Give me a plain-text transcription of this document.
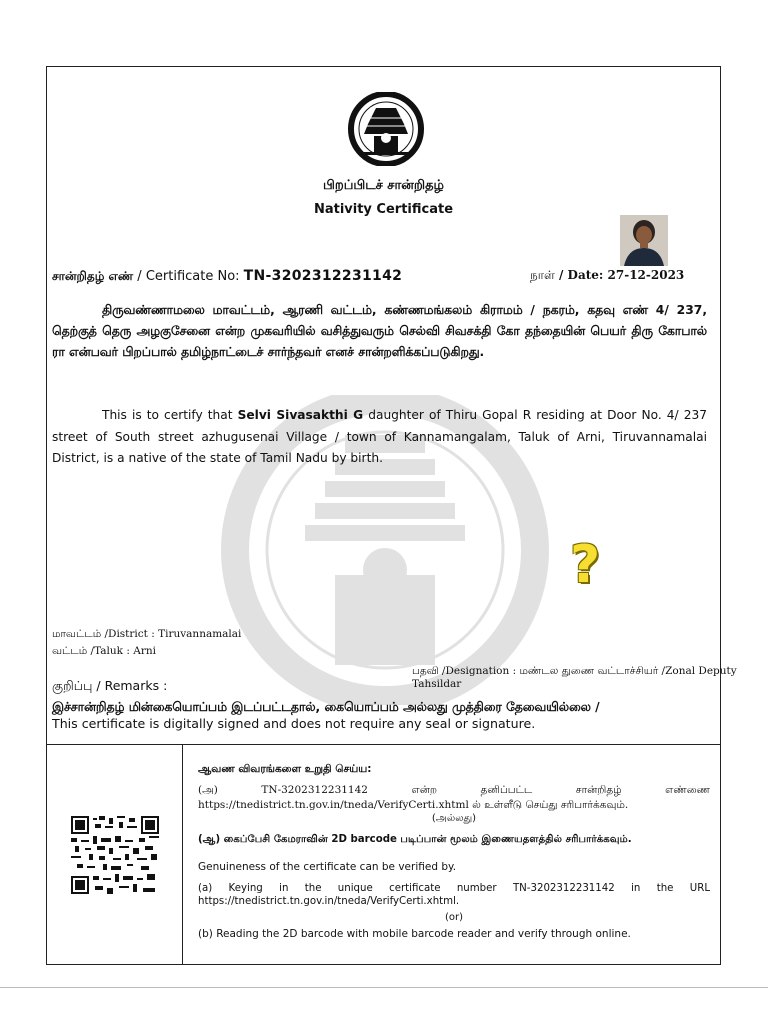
பிறப்பிடச் சான்றிதழ்
Nativity Certificate
சான்றிதழ் எண் / Certificate No: TN-3202312231142	நாள் / Date: 27-12-2023
திருவண்ணாமலை மாவட்டம், ஆரணி வட்டம், கண்ணமங்கலம் கிராமம் / நகரம், கதவு எண் 4/ 237, தெற்குத் தெரு அழகுசேனை என்ற முகவரியில் வசித்துவரும் செல்வி சிவசக்தி கோ தந்தையின் பெயர் திரு கோபால் ரா என்பவர் பிறப்பால் தமிழ்நாட்டைச் சார்ந்தவர் எனச் சான்றளிக்கப்படுகிறது.
This is to certify that Selvi Sivasakthi G daughter of Thiru Gopal R residing at Door No. 4/ 237 street of South street azhugusenai Village / town of Kannamangalam, Taluk of Arni, Tiruvannamalai District, is a native of the state of Tamil Nadu by birth.
?
மாவட்டம் /District : Tiruvannamalai
வட்டம் /Taluk : Arni
பதவி /Designation : மண்டல துணை வட்டாச்சியர் /Zonal Deputy Tahsildar
குறிப்பு / Remarks :
இச்சான்றிதழ் மின்கையொப்பம் இடப்பட்டதால், கையொப்பம் அல்லது முத்திரை தேவையில்லை /
This certificate is digitally signed and does not require any seal or signature.
ஆவண விவரங்களை உறுதி செய்ய:
(அ) TN-3202312231142 என்ற தனிப்பட்ட சான்றிதழ் எண்ணை https://tnedistrict.tn.gov.in/tneda/VerifyCerti.xhtml ல் உள்ளீடு செய்து சரிபார்க்கவும்.
(அல்லது)
(ஆ) கைப்பேசி கேமராவின் 2D barcode படிப்பான் மூலம் இணையதளத்தில் சரிபார்க்கவும்.
Genuineness of the certificate can be verified by.
(a) Keying in the unique certificate number TN-3202312231142 in the URL https://tnedistrict.tn.gov.in/tneda/VerifyCerti.xhtml.
(or)
(b) Reading the 2D barcode with mobile barcode reader and verify through online.
